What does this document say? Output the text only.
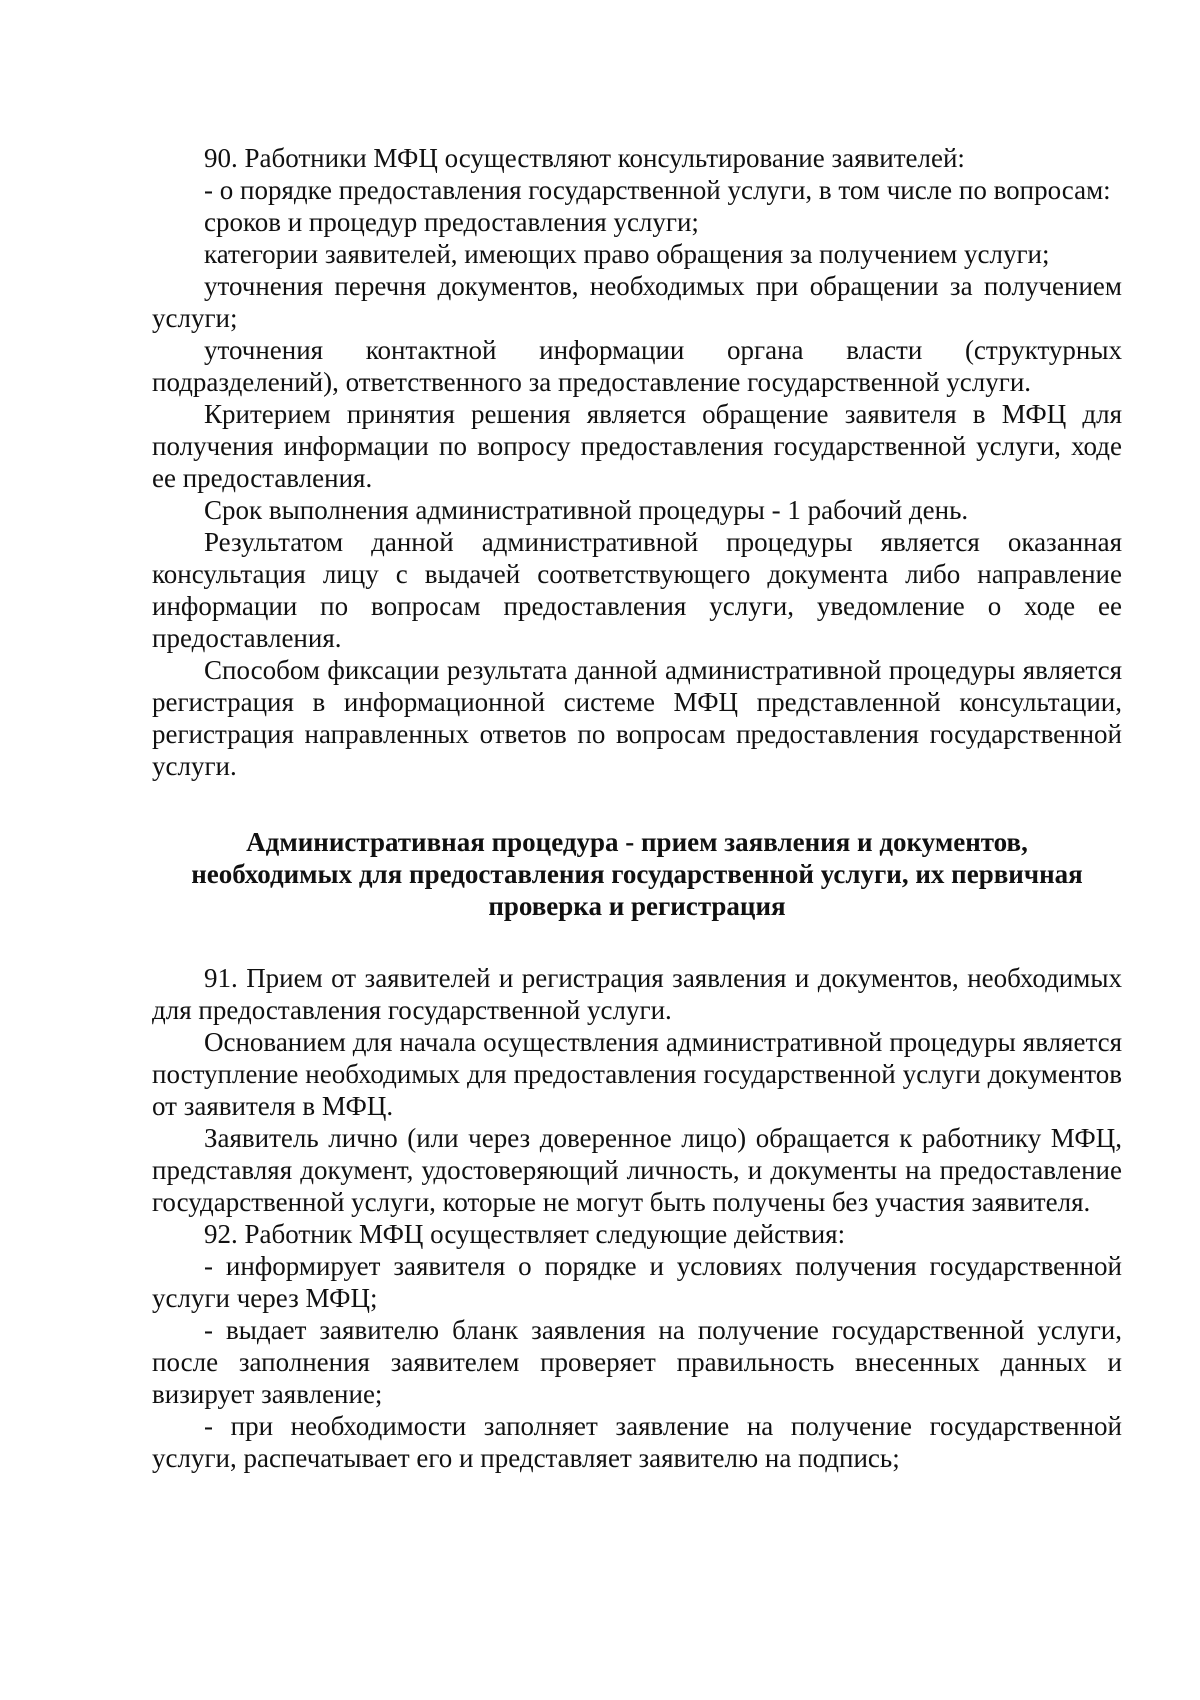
90. Работники МФЦ осуществляют консультирование заявителей:

- о порядке предоставления государственной услуги, в том числе по вопросам:

сроков и процедур предоставления услуги;

категории заявителей, имеющих право обращения за получением услуги;

уточнения перечня документов, необходимых при обращении за получением услуги;

уточнения контактной информации органа власти (структурных подразделений), ответственного за предоставление государственной услуги.

Критерием принятия решения является обращение заявителя в МФЦ для получения информации по вопросу предоставления государственной услуги, ходе ее предоставления.

Срок выполнения административной процедуры - 1 рабочий день.

Результатом данной административной процедуры является оказанная консультация лицу с выдачей соответствующего документа либо направление информации по вопросам предоставления услуги, уведомление о ходе ее предоставления.

Способом фиксации результата данной административной процедуры является регистрация в информационной системе МФЦ представленной консультации, регистрация направленных ответов по вопросам предоставления государственной услуги.

Административная процедура - прием заявления и документов,
необходимых для предоставления государственной услуги, их первичная
проверка и регистрация

91. Прием от заявителей и регистрация заявления и документов, необходимых для предоставления государственной услуги.

Основанием для начала осуществления административной процедуры является поступление необходимых для предоставления государственной услуги документов от заявителя в МФЦ.

Заявитель лично (или через доверенное лицо) обращается к работнику МФЦ, представляя документ, удостоверяющий личность, и документы на предоставление государственной услуги, которые не могут быть получены без участия заявителя.

92. Работник МФЦ осуществляет следующие действия:

- информирует заявителя о порядке и условиях получения государственной услуги через МФЦ;

- выдает заявителю бланк заявления на получение государственной услуги, после заполнения заявителем проверяет правильность внесенных данных и визирует заявление;

- при необходимости заполняет заявление на получение государственной услуги, распечатывает его и представляет заявителю на подпись;
